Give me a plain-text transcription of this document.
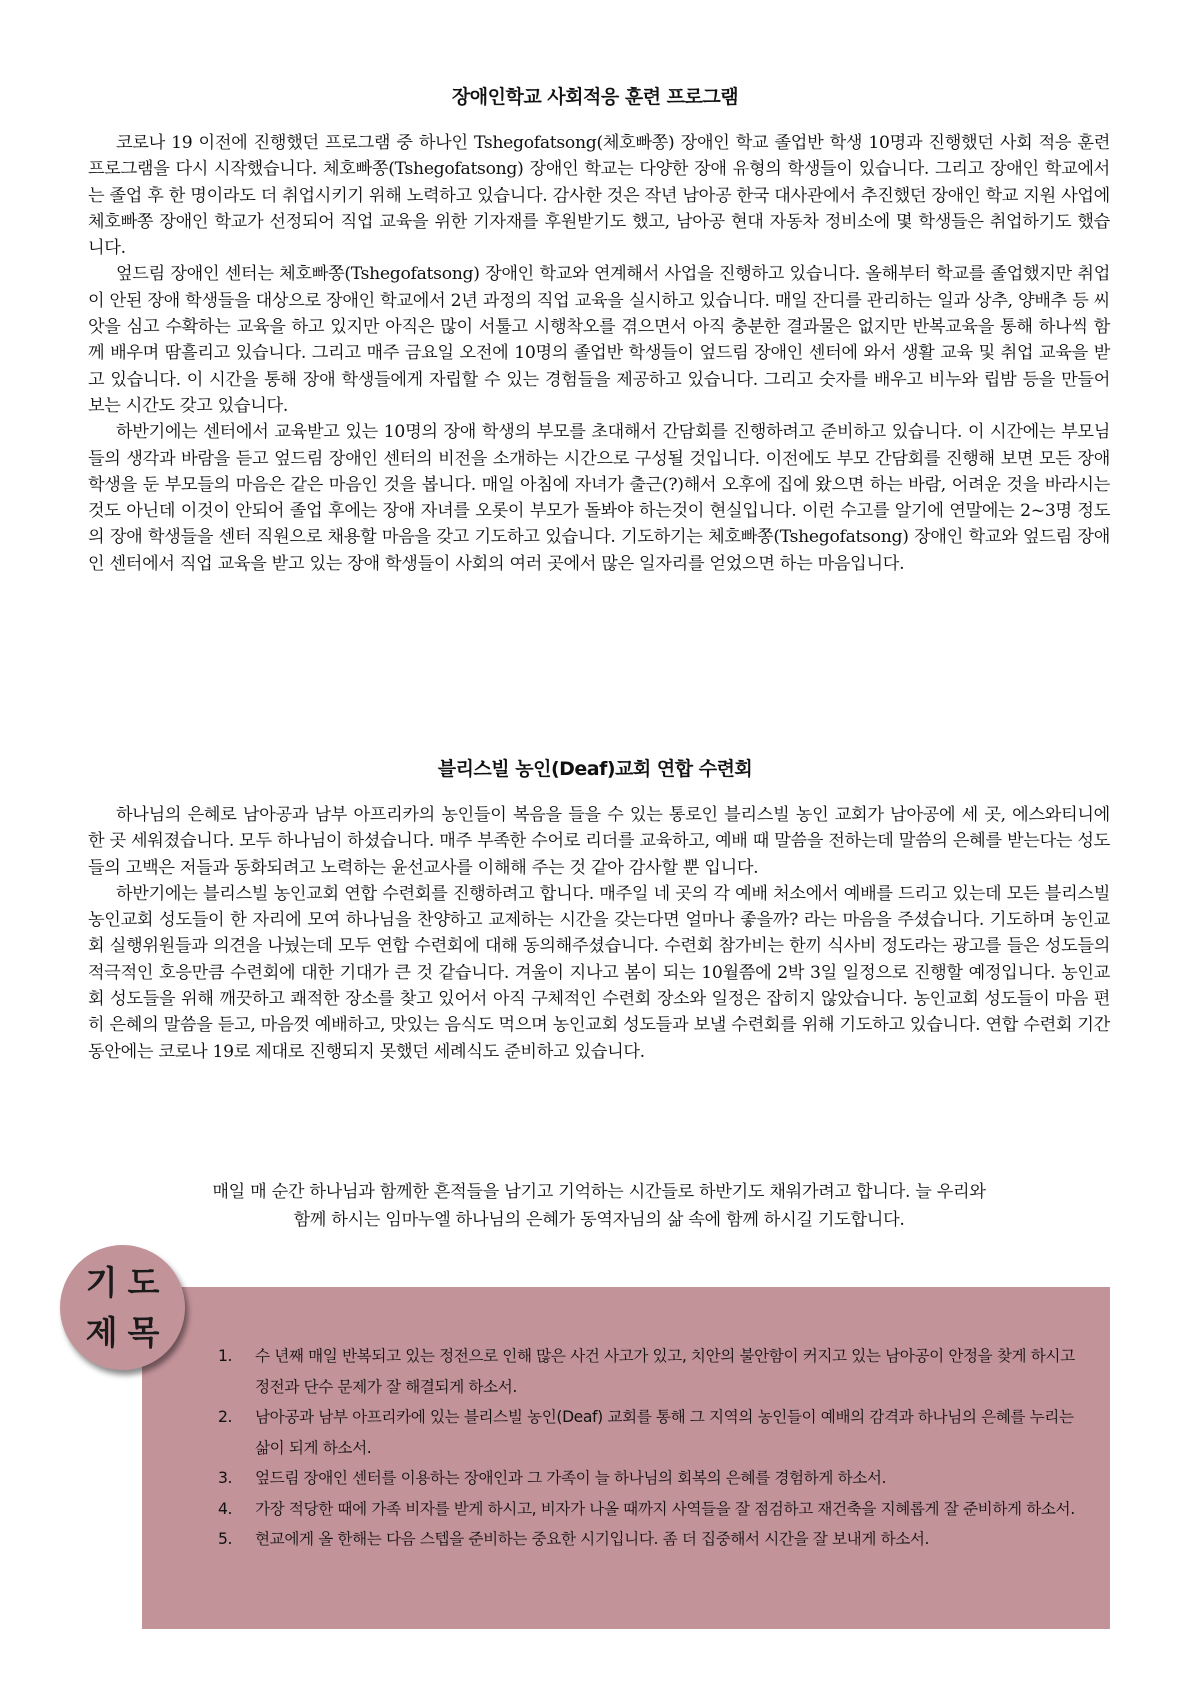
장애인학교 사회적응 훈련 프로그램

코로나 19 이전에 진행했던 프로그램 중 하나인 Tshegofatsong(체호빠쫑) 장애인 학교 졸업반 학생 10명과 진행했던 사회 적응 훈련 프로그램을 다시 시작했습니다. 체호빠쫑(Tshegofatsong) 장애인 학교는 다양한 장애 유형의 학생들이 있습니다. 그리고 장애인 학교에서는 졸업 후 한 명이라도 더 취업시키기 위해 노력하고 있습니다. 감사한 것은 작년 남아공 한국 대사관에서 추진했던 장애인 학교 지원 사업에 체호빠쫑 장애인 학교가 선정되어 직업 교육을 위한 기자재를 후원받기도 했고, 남아공 현대 자동차 정비소에 몇 학생들은 취업하기도 했습니다.

엎드림 장애인 센터는 체호빠쫑(Tshegofatsong) 장애인 학교와 연계해서 사업을 진행하고 있습니다. 올해부터 학교를 졸업했지만 취업이 안된 장애 학생들을 대상으로 장애인 학교에서 2년 과정의 직업 교육을 실시하고 있습니다. 매일 잔디를 관리하는 일과 상추, 양배추 등 씨앗을 심고 수확하는 교육을 하고 있지만 아직은 많이 서툴고 시행착오를 겪으면서 아직 충분한 결과물은 없지만 반복교육을 통해 하나씩 함께 배우며 땀흘리고 있습니다. 그리고 매주 금요일 오전에 10명의 졸업반 학생들이 엎드림 장애인 센터에 와서 생활 교육 및 취업 교육을 받고 있습니다. 이 시간을 통해 장애 학생들에게 자립할 수 있는 경험들을 제공하고 있습니다. 그리고 숫자를 배우고 비누와 립밤 등을 만들어 보는 시간도 갖고 있습니다.

하반기에는 센터에서 교육받고 있는 10명의 장애 학생의 부모를 초대해서 간담회를 진행하려고 준비하고 있습니다. 이 시간에는 부모님들의 생각과 바람을 듣고 엎드림 장애인 센터의 비전을 소개하는 시간으로 구성될 것입니다. 이전에도 부모 간담회를 진행해 보면 모든 장애 학생을 둔 부모들의 마음은 같은 마음인 것을 봅니다. 매일 아침에 자녀가 출근(?)해서 오후에 집에 왔으면 하는 바람, 어려운 것을 바라시는 것도 아닌데 이것이 안되어 졸업 후에는 장애 자녀를 오롯이 부모가 돌봐야 하는것이 현실입니다. 이런 수고를 알기에 연말에는 2~3명 정도의 장애 학생들을 센터 직원으로 채용할 마음을 갖고 기도하고 있습니다. 기도하기는 체호빠쫑(Tshegofatsong) 장애인 학교와 엎드림 장애인 센터에서 직업 교육을 받고 있는 장애 학생들이 사회의 여러 곳에서 많은 일자리를 얻었으면 하는 마음입니다.

블리스빌 농인(Deaf)교회 연합 수련회

하나님의 은혜로 남아공과 남부 아프리카의 농인들이 복음을 들을 수 있는 통로인 블리스빌 농인 교회가 남아공에 세 곳, 에스와티니에 한 곳 세워졌습니다. 모두 하나님이 하셨습니다. 매주 부족한 수어로 리더를 교육하고, 예배 때 말씀을 전하는데 말씀의 은혜를 받는다는 성도들의 고백은 저들과 동화되려고 노력하는 윤선교사를 이해해 주는 것 같아 감사할 뿐 입니다.

하반기에는 블리스빌 농인교회 연합 수련회를 진행하려고 합니다. 매주일 네 곳의 각 예배 처소에서 예배를 드리고 있는데 모든 블리스빌 농인교회 성도들이 한 자리에 모여 하나님을 찬양하고 교제하는 시간을 갖는다면 얼마나 좋을까? 라는 마음을 주셨습니다. 기도하며 농인교회 실행위원들과 의견을 나눴는데 모두 연합 수련회에 대해 동의해주셨습니다. 수련회 참가비는 한끼 식사비 정도라는 광고를 들은 성도들의 적극적인 호응만큼 수련회에 대한 기대가 큰 것 같습니다. 겨울이 지나고 봄이 되는 10월쯤에 2박 3일 일정으로 진행할 예정입니다. 농인교회 성도들을 위해 깨끗하고 쾌적한 장소를 찾고 있어서 아직 구체적인 수련회 장소와 일정은 잡히지 않았습니다. 농인교회 성도들이 마음 편히 은혜의 말씀을 듣고, 마음껏 예배하고, 맛있는 음식도 먹으며 농인교회 성도들과 보낼 수련회를 위해 기도하고 있습니다. 연합 수련회 기간 동안에는 코로나 19로 제대로 진행되지 못했던 세례식도 준비하고 있습니다.

매일 매 순간 하나님과 함께한 흔적들을 남기고 기억하는 시간들로 하반기도 채워가려고 합니다. 늘 우리와

함께 하시는 임마누엘 하나님의 은혜가 동역자님의 삶 속에 함께 하시길 기도합니다.

기도
제목
1. 수 년째 매일 반복되고 있는 정전으로 인해 많은 사건 사고가 있고, 치안의 불안함이 커지고 있는 남아공이 안정을 찾게 하시고 정전과 단수 문제가 잘 해결되게 하소서.
2. 남아공과 남부 아프리카에 있는 블리스빌 농인(Deaf) 교회를 통해 그 지역의 농인들이 예배의 감격과 하나님의 은혜를 누리는 삶이 되게 하소서.
3. 엎드림 장애인 센터를 이용하는 장애인과 그 가족이 늘 하나님의 회복의 은혜를 경험하게 하소서.
4. 가장 적당한 때에 가족 비자를 받게 하시고, 비자가 나올 때까지 사역들을 잘 점검하고 재건축을 지혜롭게 잘 준비하게 하소서.
5. 현교에게 올 한해는 다음 스텝을 준비하는 중요한 시기입니다. 좀 더 집중해서 시간을 잘 보내게 하소서.
